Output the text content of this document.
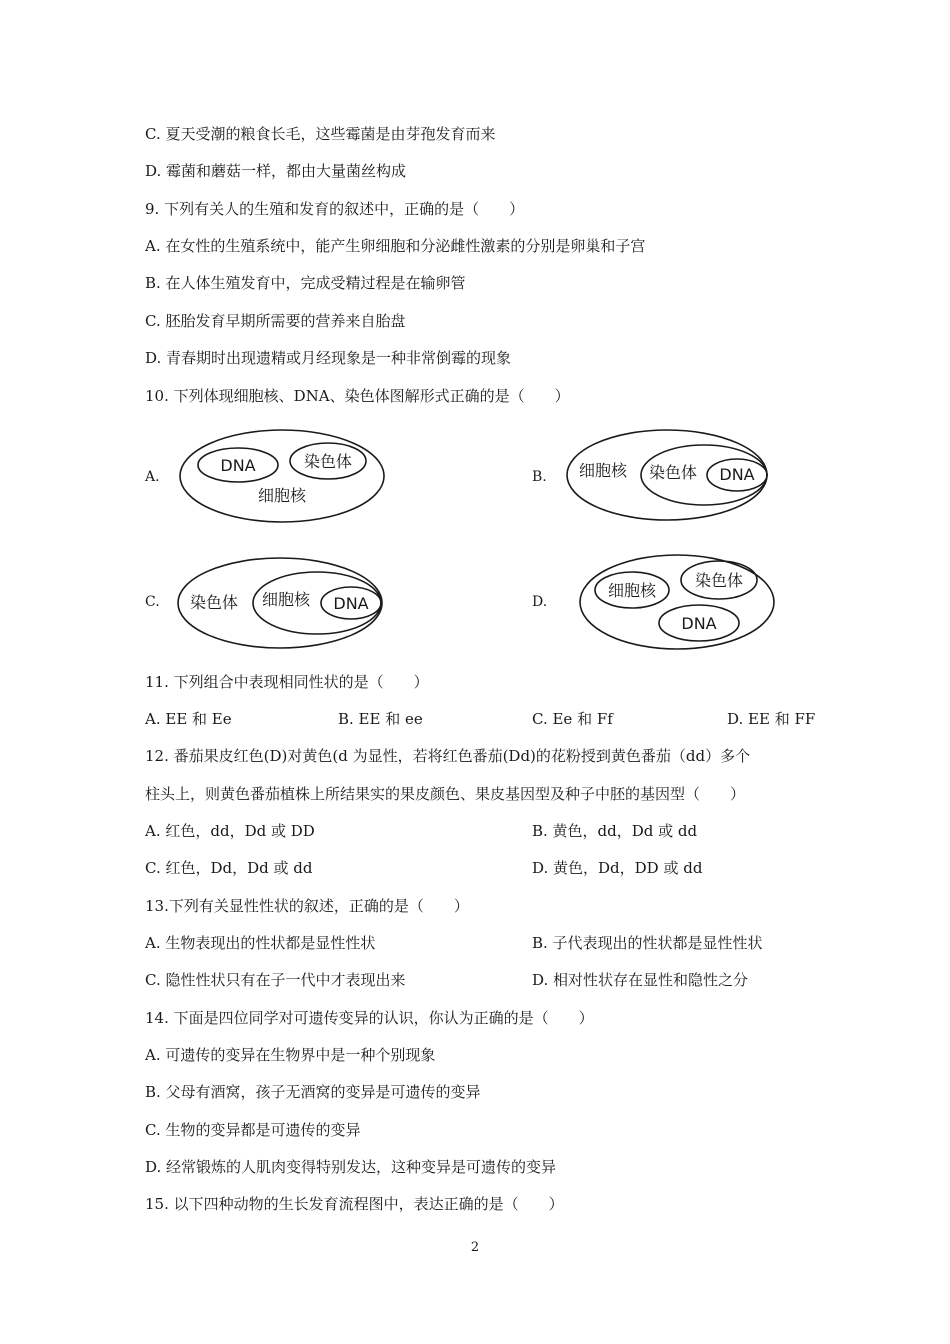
C. 夏天受潮的粮食长毛，这些霉菌是由芽孢发育而来
D. 霉菌和蘑菇一样，都由大量菌丝构成
9. 下列有关人的生殖和发育的叙述中，正确的是（　　）
A. 在女性的生殖系统中，能产生卵细胞和分泌雌性激素的分别是卵巢和子宫
B. 在人体生殖发育中，完成受精过程是在输卵管
C. 胚胎发育早期所需要的营养来自胎盘
D. 青春期时出现遗精或月经现象是一种非常倒霉的现象
10. 下列体现细胞核、DNA、染色体图解形式正确的是（　　）
A.	B.
C.	D.
DNA	染色体
细胞核
细胞核 染色体 DNA
染色体 细胞核 DNA
细胞核
染色体
DNA
11. 下列组合中表现相同性状的是（　　）
A. EE 和 Ee	B. EE 和 ee	C. Ee 和 Ff	D. EE 和 FF
12. 番茄果皮红色(D)对黄色(d 为显性，若将红色番茄(Dd)的花粉授到黄色番茄（dd）多个
柱头上，则黄色番茄植株上所结果实的果皮颜色、果皮基因型及种子中胚的基因型（　　）
A. 红色，dd，Dd 或 DD	B. 黄色，dd，Dd 或 dd
C. 红色，Dd，Dd 或 dd	D. 黄色，Dd，DD 或 dd
13.下列有关显性性状的叙述，正确的是（　　）
A. 生物表现出的性状都是显性性状	B. 子代表现出的性状都是显性性状
C. 隐性性状只有在子一代中才表现出来	D. 相对性状存在显性和隐性之分
14. 下面是四位同学对可遗传变异的认识，你认为正确的是（　　）
A. 可遗传的变异在生物界中是一种个别现象
B. 父母有酒窝，孩子无酒窝的变异是可遗传的变异
C. 生物的变异都是可遗传的变异
D. 经常锻炼的人肌肉变得特别发达，这种变异是可遗传的变异
15. 以下四种动物的生长发育流程图中，表达正确的是（　　）
2
